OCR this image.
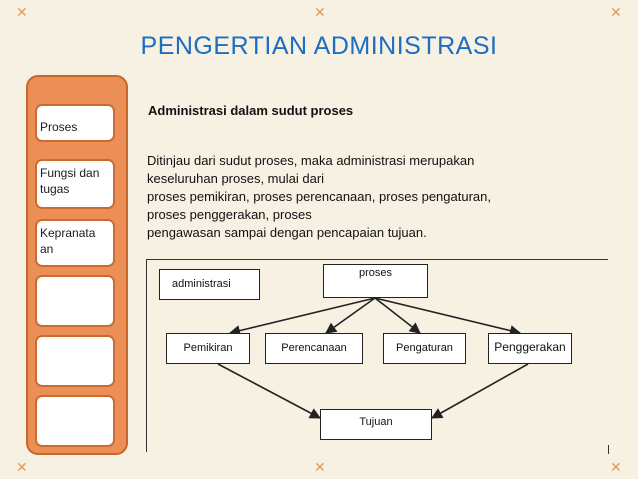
✕	✕	✕
✕	✕	✕
PENGERTIAN ADMINISTRASI
Proses
Fungsi dan tugas
Kepranata an
Administrasi dalam sudut proses
Ditinjau dari sudut proses, maka administrasi merupakan
keseluruhan proses, mulai dari
proses pemikiran, proses perencanaan, proses pengaturan,
proses penggerakan, proses
pengawasan sampai dengan pencapaian tujuan.
administrasi
proses
Pemikiran	Perencanaan	Pengaturan	Penggerakan
Tujuan
